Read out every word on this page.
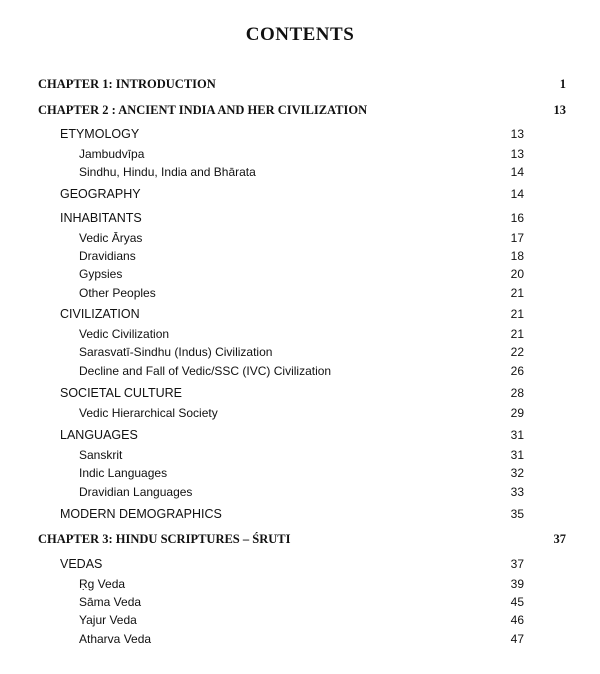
CONTENTS
CHAPTER 1: INTRODUCTION	1
CHAPTER 2 : ANCIENT INDIA AND HER CIVILIZATION	13
ETYMOLOGY	13
Jambudvīpa	13
Sindhu, Hindu, India and Bhārata	14
GEOGRAPHY	14
INHABITANTS	16
Vedic Āryas	17
Dravidians	18
Gypsies	20
Other Peoples	21
CIVILIZATION	21
Vedic Civilization	21
Sarasvatī-Sindhu (Indus) Civilization	22
Decline and Fall of Vedic/SSC (IVC) Civilization	26
SOCIETAL CULTURE	28
Vedic Hierarchical Society	29
LANGUAGES	31
Sanskrit	31
Indic Languages	32
Dravidian Languages	33
MODERN DEMOGRAPHICS	35
CHAPTER 3: HINDU SCRIPTURES – ŚRUTI	37
VEDAS	37
Ṛg Veda	39
Sāma Veda	45
Yajur Veda	46
Atharva Veda	47
